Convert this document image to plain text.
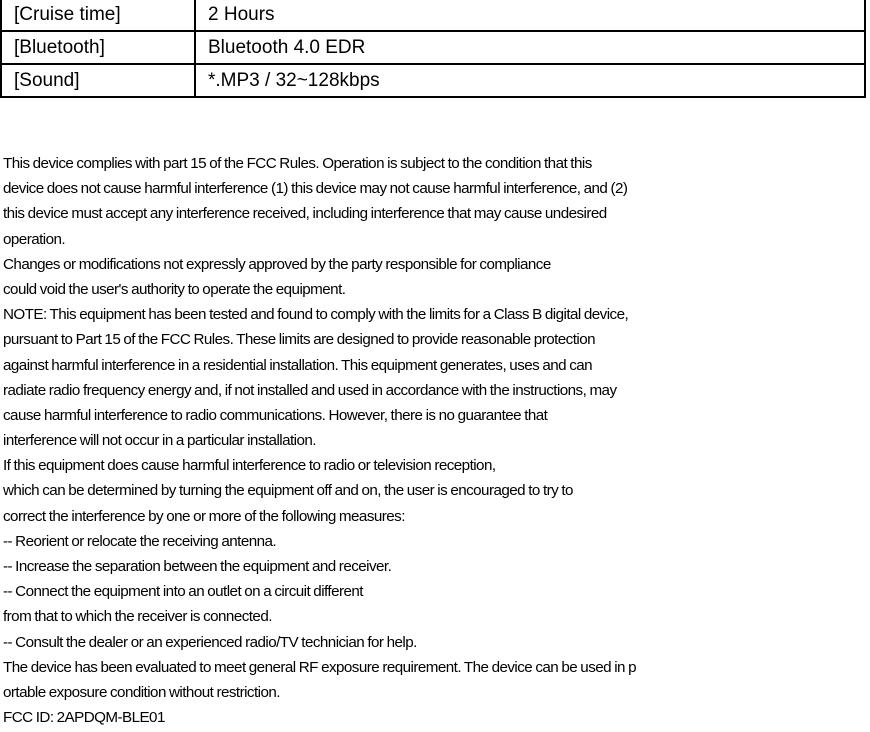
[Cruise time]	2 Hours
[Bluetooth]	Bluetooth 4.0 EDR
[Sound]	*.MP3 / 32~128kbps
This device complies with part 15 of the FCC Rules. Operation is subject to the condition that this
device does not cause harmful interference (1) this device may not cause harmful interference, and (2)
this device must accept any interference received, including interference that may cause undesired
operation.
Changes or modifications not expressly approved by the party responsible for compliance
could void the user's authority to operate the equipment.
NOTE: This equipment has been tested and found to comply with the limits for a Class B digital device,
pursuant to Part 15 of the FCC Rules. These limits are designed to provide reasonable protection
against harmful interference in a residential installation. This equipment generates, uses and can
radiate radio frequency energy and, if not installed and used in accordance with the instructions, may
cause harmful interference to radio communications. However, there is no guarantee that
interference will not occur in a particular installation.
If this equipment does cause harmful interference to radio or television reception,
which can be determined by turning the equipment off and on, the user is encouraged to try to
correct the interference by one or more of the following measures:
-- Reorient or relocate the receiving antenna.
-- Increase the separation between the equipment and receiver.
-- Connect the equipment into an outlet on a circuit different
from that to which the receiver is connected.
-- Consult the dealer or an experienced radio/TV technician for help.
The device has been evaluated to meet general RF exposure requirement. The device can be used in p
ortable exposure condition without restriction.
FCC ID: 2APDQM-BLE01
